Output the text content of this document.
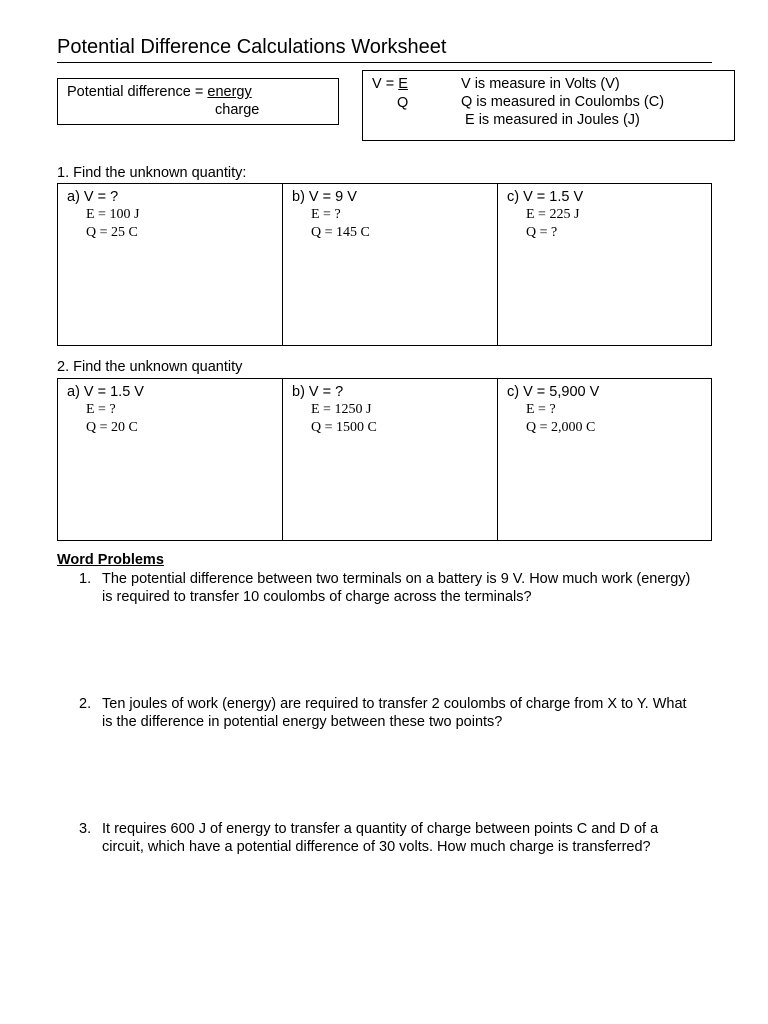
Potential Difference Calculations Worksheet
Potential difference = energy
charge
V = E
Q
V is measure in Volts (V)
Q is measured in Coulombs (C)
E is measured in Joules (J)
1. Find the unknown quantity:
a) V = ?
E = 100 J
Q = 25 C
b) V = 9 V
E = ?
Q = 145 C
c) V = 1.5 V
E = 225 J
Q = ?
2. Find the unknown quantity
a) V = 1.5 V
E = ?
Q = 20 C
b) V = ?
E = 1250 J
Q = 1500 C
c) V = 5,900 V
E = ?
Q = 2,000 C
Word Problems
1. The potential difference between two terminals on a battery is 9 V. How much work (energy) is required to transfer 10 coulombs of charge across the terminals?
2. Ten joules of work (energy) are required to transfer 2 coulombs of charge from X to Y. What is the difference in potential energy between these two points?
3. It requires 600 J of energy to transfer a quantity of charge between points C and D of a circuit, which have a potential difference of 30 volts. How much charge is transferred?
